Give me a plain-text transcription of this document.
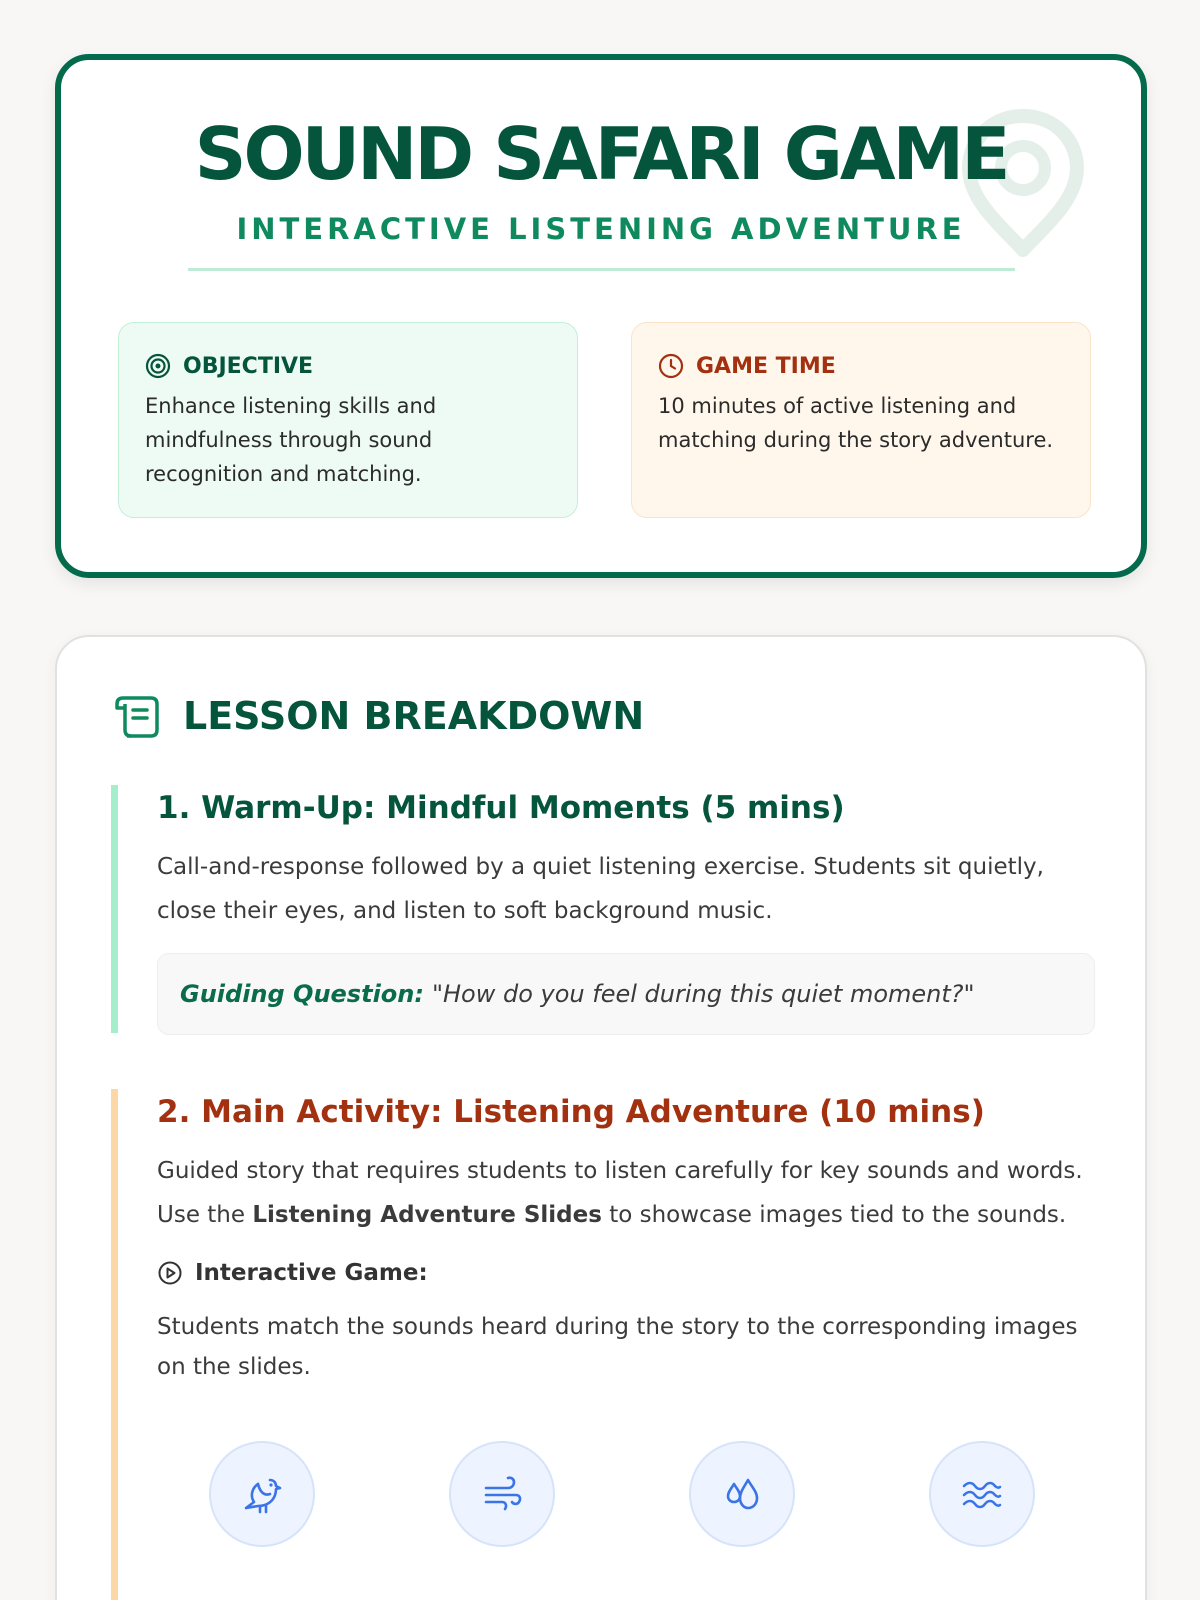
SOUND SAFARI GAME
INTERACTIVE LISTENING ADVENTURE
OBJECTIVE
Enhance listening skills and mindfulness through sound recognition and matching.
GAME TIME
10 minutes of active listening and matching during the story adventure.
LESSON BREAKDOWN
1. Warm-Up: Mindful Moments (5 mins)
Call-and-response followed by a quiet listening exercise. Students sit quietly, close their eyes, and listen to soft background music.
Guiding Question: "How do you feel during this quiet moment?"
2. Main Activity: Listening Adventure (10 mins)
Guided story that requires students to listen carefully for key sounds and words. Use the Listening Adventure Slides to showcase images tied to the sounds.
Interactive Game:
Students match the sounds heard during the story to the corresponding images on the slides.
